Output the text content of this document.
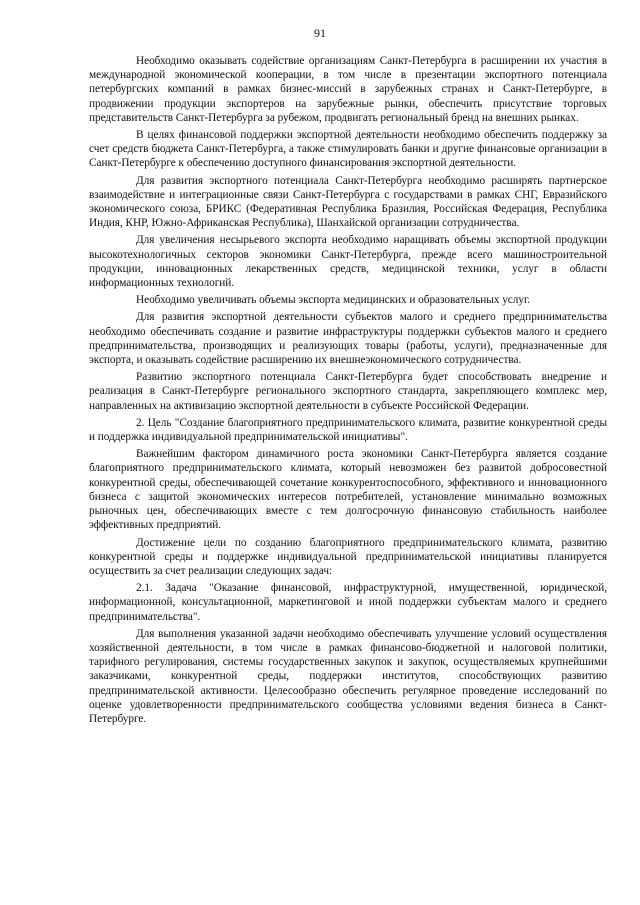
91

Необходимо оказывать содействие организациям Санкт-Петербурга в расширении их участия в международной экономической кооперации, в том числе в презентации экспортного потенциала петербургских компаний в рамках бизнес-миссий в зарубежных странах и Санкт-Петербурге, в продвижении продукции экспортеров на зарубежные рынки, обеспечить присутствие торговых представительств Санкт-Петербурга за рубежом, продвигать региональный бренд на внешних рынках.

В целях финансовой поддержки экспортной деятельности необходимо обеспечить поддержку за счет средств бюджета Санкт-Петербурга, а также стимулировать банки и другие финансовые организации в Санкт-Петербурге к обеспечению доступного финансирования экспортной деятельности.

Для развития экспортного потенциала Санкт-Петербурга необходимо расширять партнерское взаимодействие и интеграционные связи Санкт-Петербурга с государствами в рамках СНГ, Евразийского экономического союза, БРИКС (Федеративная Республика Бразилия, Российская Федерация, Республика Индия, КНР, Южно-Африканская Республика), Шанхайской организации сотрудничества.

Для увеличения несырьевого экспорта необходимо наращивать объемы экспортной продукции высокотехнологичных секторов экономики Санкт-Петербурга, прежде всего машиностроительной продукции, инновационных лекарственных средств, медицинской техники, услуг в области информационных технологий.

Необходимо увеличивать объемы экспорта медицинских и образовательных услуг.

Для развития экспортной деятельности субъектов малого и среднего предпринимательства необходимо обеспечивать создание и развитие инфраструктуры поддержки субъектов малого и среднего предпринимательства, производящих и реализующих товары (работы, услуги), предназначенные для экспорта, и оказывать содействие расширению их внешнеэкономического сотрудничества.

Развитию экспортного потенциала Санкт-Петербурга будет способствовать внедрение и реализация в Санкт-Петербурге регионального экспортного стандарта, закрепляющего комплекс мер, направленных на активизацию экспортной деятельности в субъекте Российской Федерации.

2. Цель "Создание благоприятного предпринимательского климата, развитие конкурентной среды и поддержка индивидуальной предпринимательской инициативы".

Важнейшим фактором динамичного роста экономики Санкт-Петербурга является создание благоприятного предпринимательского климата, который невозможен без развитой добросовестной конкурентной среды, обеспечивающей сочетание конкурентоспособного, эффективного и инновационного бизнеса с защитой экономических интересов потребителей, установление минимально возможных рыночных цен, обеспечивающих вместе с тем долгосрочную финансовую стабильность наиболее эффективных предприятий.

Достижение цели по созданию благоприятного предпринимательского климата, развитию конкурентной среды и поддержке индивидуальной предпринимательской инициативы планируется осуществить за счет реализации следующих задач:

2.1. Задача "Оказание финансовой, инфраструктурной, имущественной, юридической, информационной, консультационной, маркетинговой и иной поддержки субъектам малого и среднего предпринимательства".

Для выполнения указанной задачи необходимо обеспечивать улучшение условий осуществления хозяйственной деятельности, в том числе в рамках финансово-бюджетной и налоговой политики, тарифного регулирования, системы государственных закупок и закупок, осуществляемых крупнейшими заказчиками, конкурентной среды, поддержки институтов, способствующих развитию предпринимательской активности. Целесообразно обеспечить регулярное проведение исследований по оценке удовлетворенности предпринимательского сообщества условиями ведения бизнеса в Санкт-Петербурге.
